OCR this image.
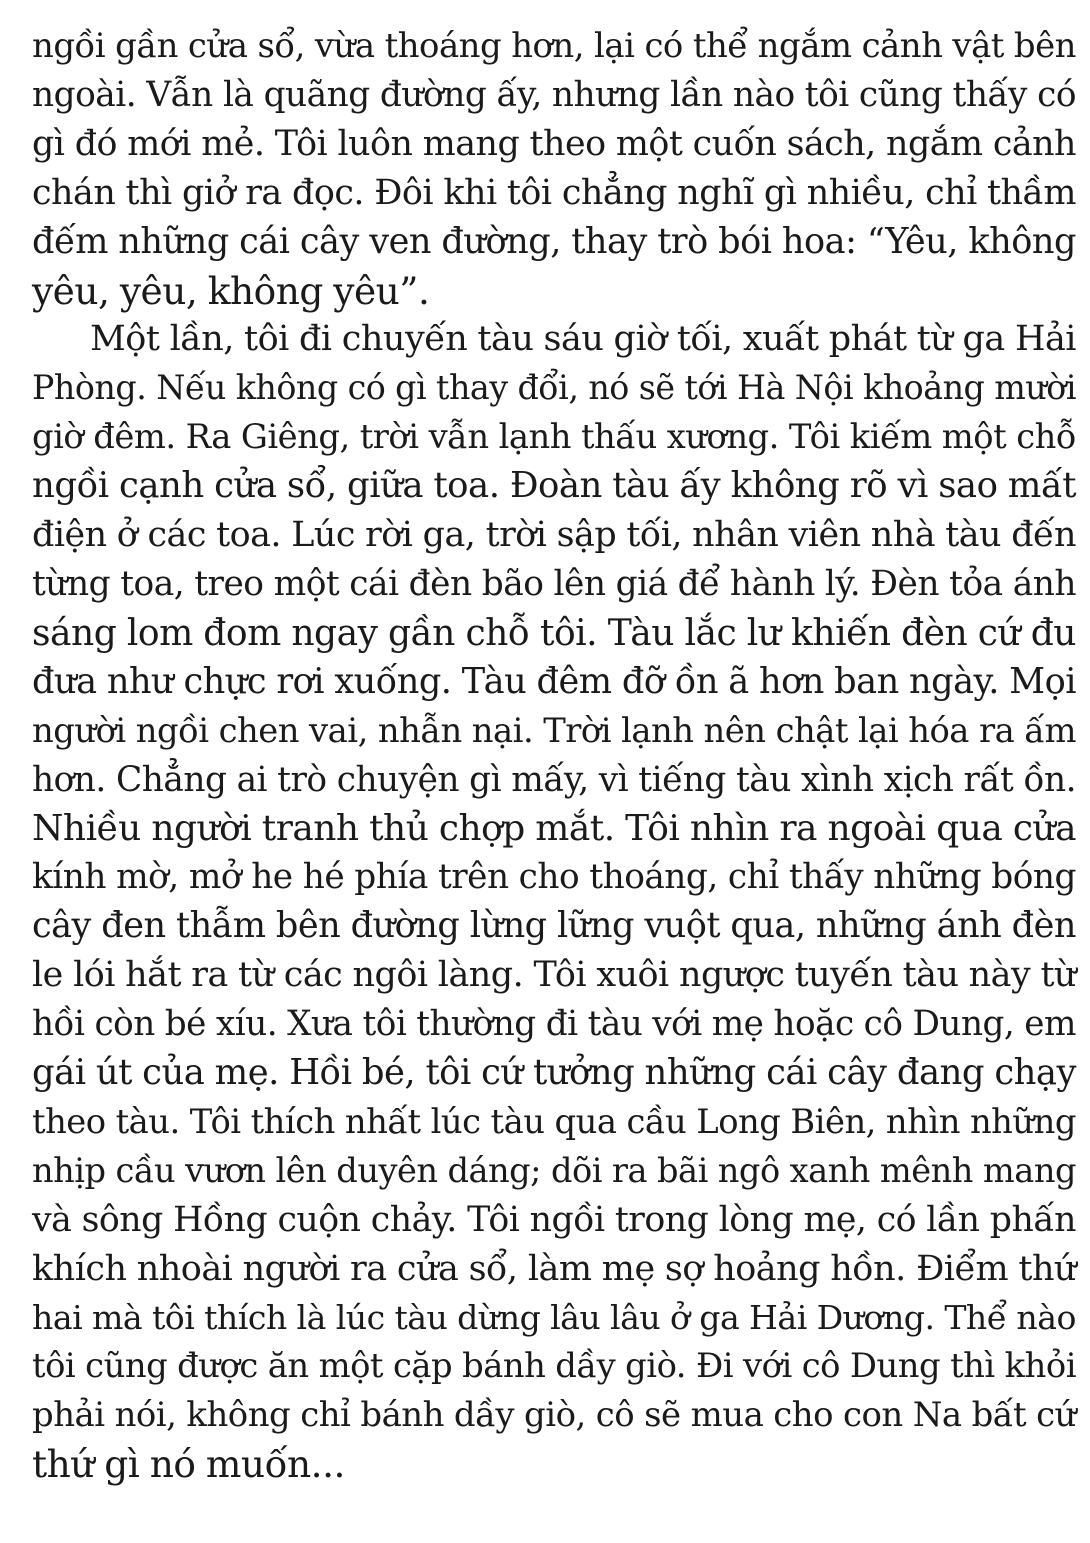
ngồi gần cửa sổ, vừa thoáng hơn, lại có thể ngắm cảnh vật bên
ngoài. Vẫn là quãng đường ấy, nhưng lần nào tôi cũng thấy có
gì đó mới mẻ. Tôi luôn mang theo một cuốn sách, ngắm cảnh
chán thì giở ra đọc. Đôi khi tôi chẳng nghĩ gì nhiều, chỉ thầm
đếm những cái cây ven đường, thay trò bói hoa: “Yêu, không
yêu, yêu, không yêu”.
Một lần, tôi đi chuyến tàu sáu giờ tối, xuất phát từ ga Hải
Phòng. Nếu không có gì thay đổi, nó sẽ tới Hà Nội khoảng mười
giờ đêm. Ra Giêng, trời vẫn lạnh thấu xương. Tôi kiếm một chỗ
ngồi cạnh cửa sổ, giữa toa. Đoàn tàu ấy không rõ vì sao mất
điện ở các toa. Lúc rời ga, trời sập tối, nhân viên nhà tàu đến
từng toa, treo một cái đèn bão lên giá để hành lý. Đèn tỏa ánh
sáng lom đom ngay gần chỗ tôi. Tàu lắc lư khiến đèn cứ đu
đưa như chực rơi xuống. Tàu đêm đỡ ồn ã hơn ban ngày. Mọi
người ngồi chen vai, nhẫn nại. Trời lạnh nên chật lại hóa ra ấm
hơn. Chẳng ai trò chuyện gì mấy, vì tiếng tàu xình xịch rất ồn.
Nhiều người tranh thủ chợp mắt. Tôi nhìn ra ngoài qua cửa
kính mờ, mở he hé phía trên cho thoáng, chỉ thấy những bóng
cây đen thẫm bên đường lừng lững vuột qua, những ánh đèn
le lói hắt ra từ các ngôi làng. Tôi xuôi ngược tuyến tàu này từ
hồi còn bé xíu. Xưa tôi thường đi tàu với mẹ hoặc cô Dung, em
gái út của mẹ. Hồi bé, tôi cứ tưởng những cái cây đang chạy
theo tàu. Tôi thích nhất lúc tàu qua cầu Long Biên, nhìn những
nhịp cầu vươn lên duyên dáng; dõi ra bãi ngô xanh mênh mang
và sông Hồng cuộn chảy. Tôi ngồi trong lòng mẹ, có lần phấn
khích nhoài người ra cửa sổ, làm mẹ sợ hoảng hồn. Điểm thứ
hai mà tôi thích là lúc tàu dừng lâu lâu ở ga Hải Dương. Thể nào
tôi cũng được ăn một cặp bánh dầy giò. Đi với cô Dung thì khỏi
phải nói, không chỉ bánh dầy giò, cô sẽ mua cho con Na bất cứ
thứ gì nó muốn...
